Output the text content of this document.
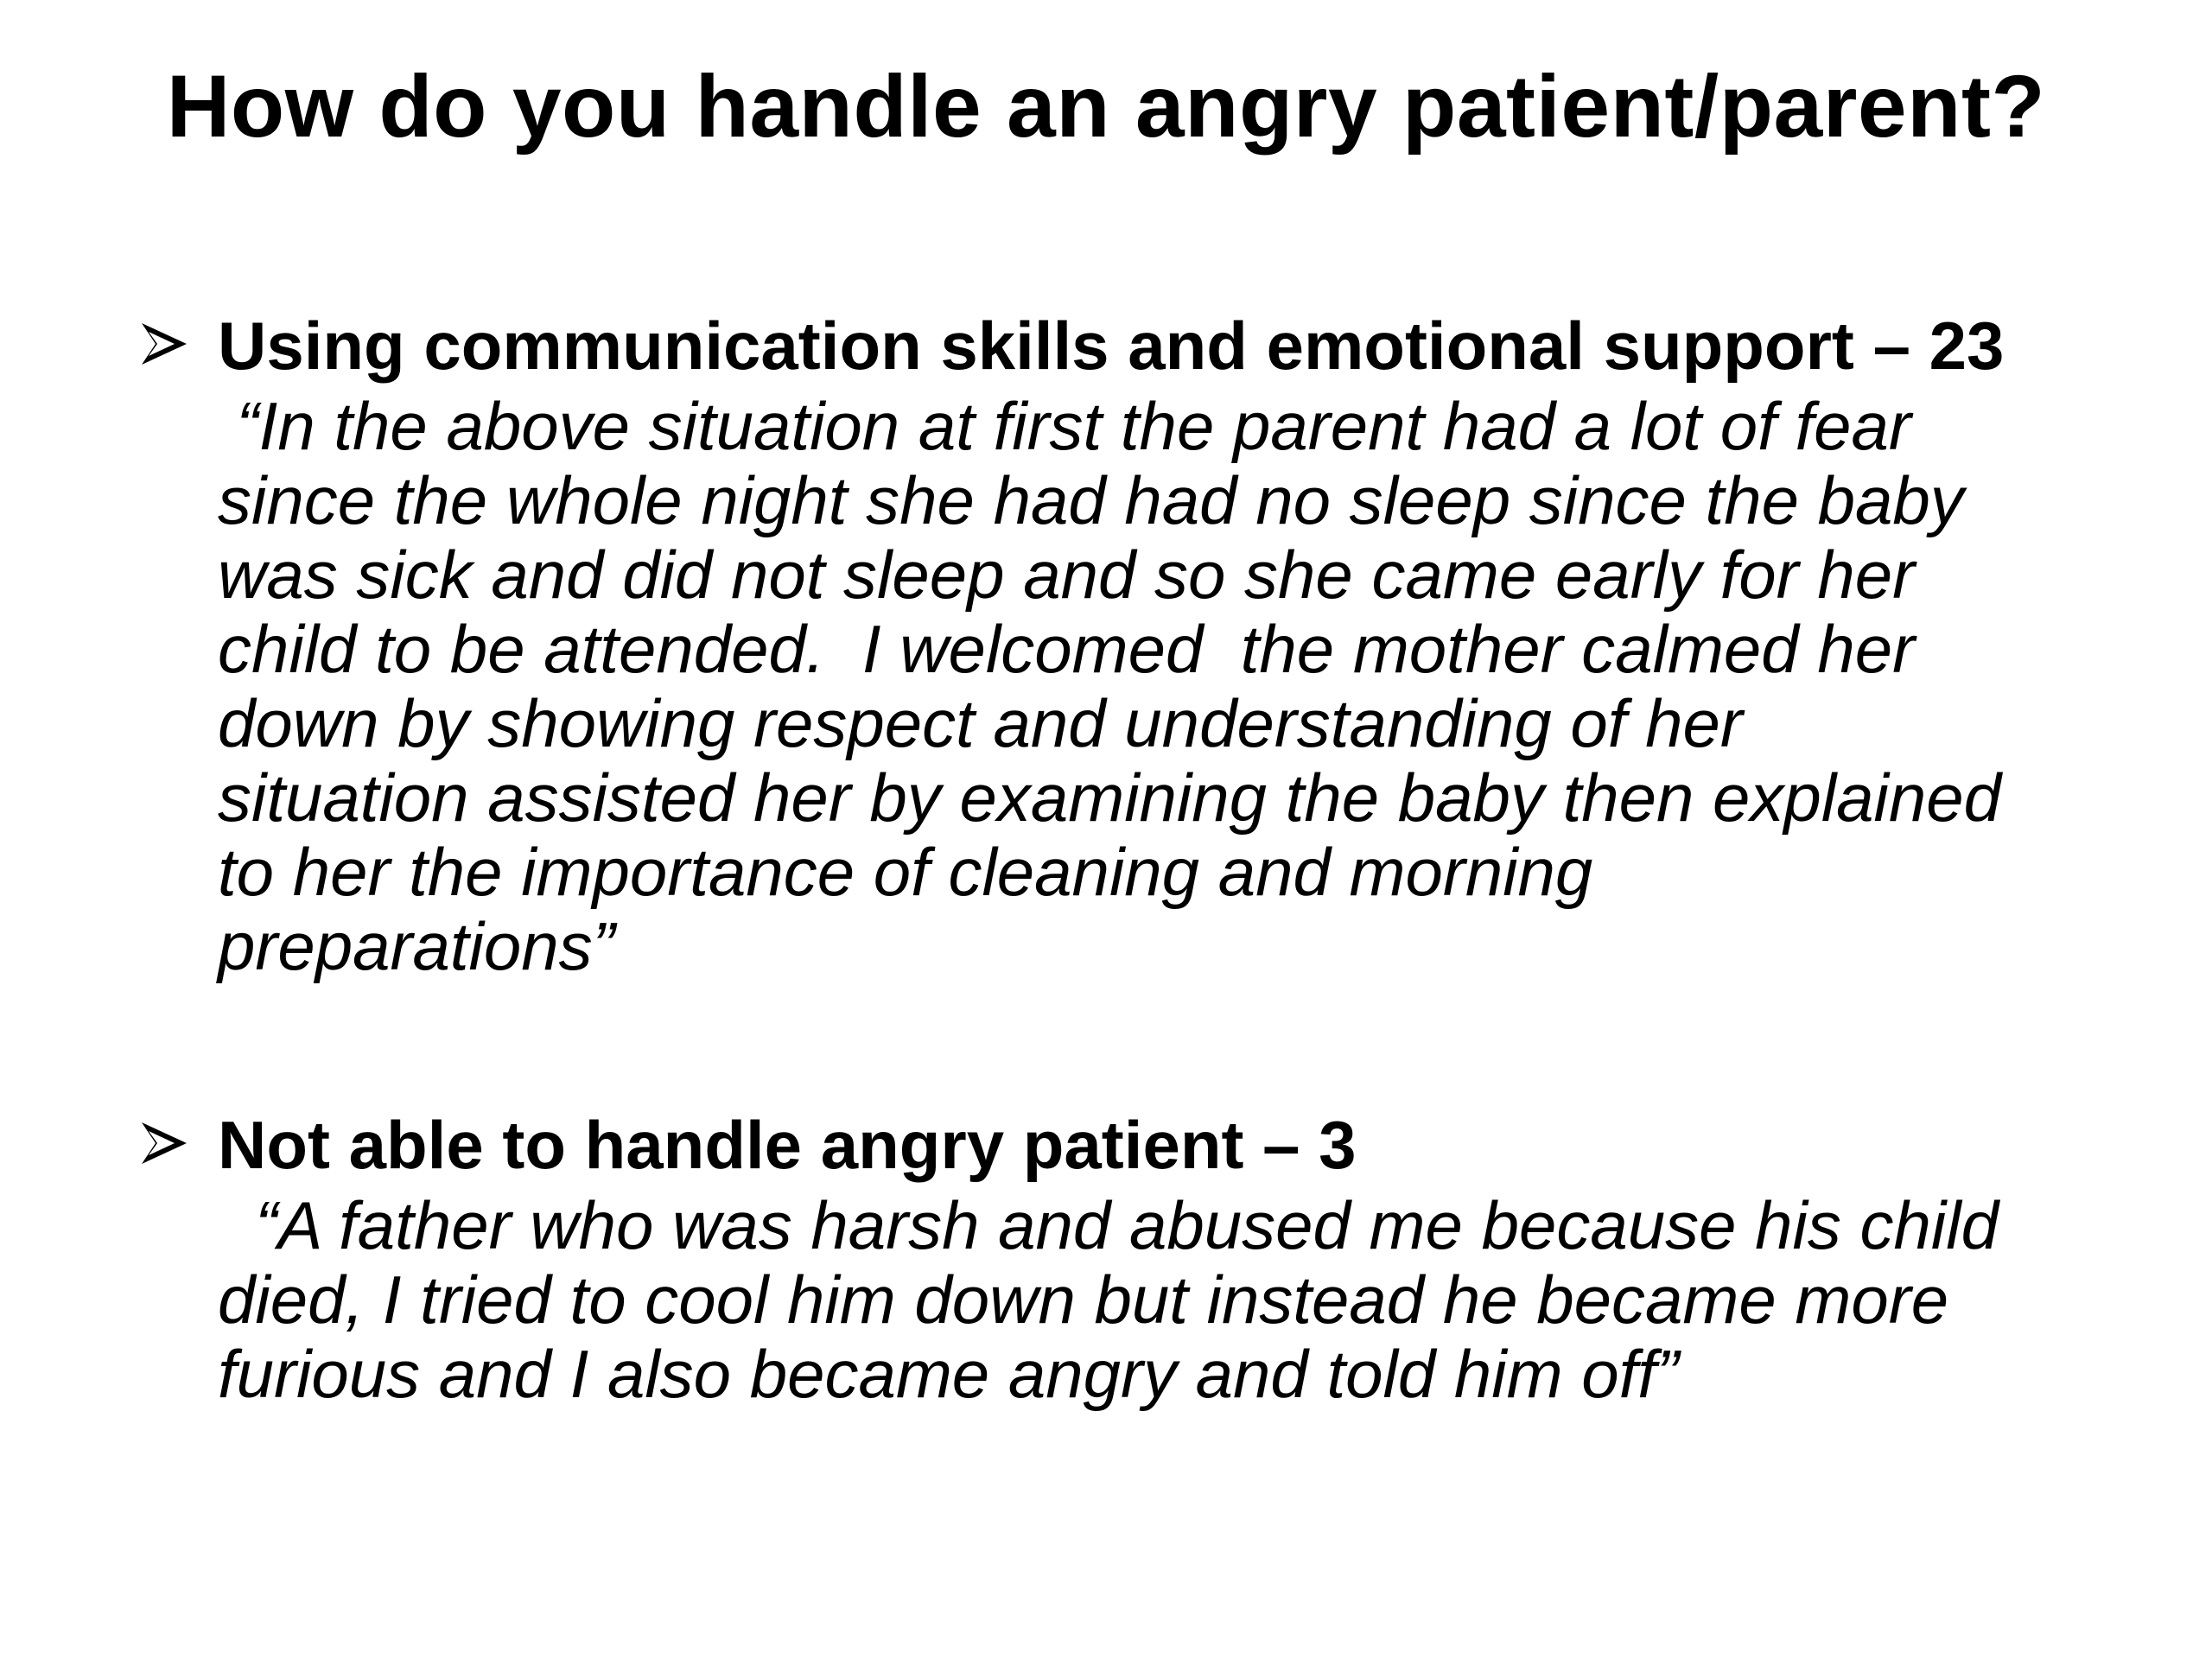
How do you handle an angry patient/parent?
Using communication skills and emotional support – 23

“In the above situation at first the parent had a lot of fear
since the whole night she had had no sleep since the baby
was sick and did not sleep and so she came early for her
child to be attended.  I welcomed  the mother calmed her
down by showing respect and understanding of her
situation assisted her by examining the baby then explained
to her the importance of cleaning and morning
preparations”

Not able to handle angry patient – 3

“A father who was harsh and abused me because his child
died, I tried to cool him down but instead he became more
furious and I also became angry and told him off”
